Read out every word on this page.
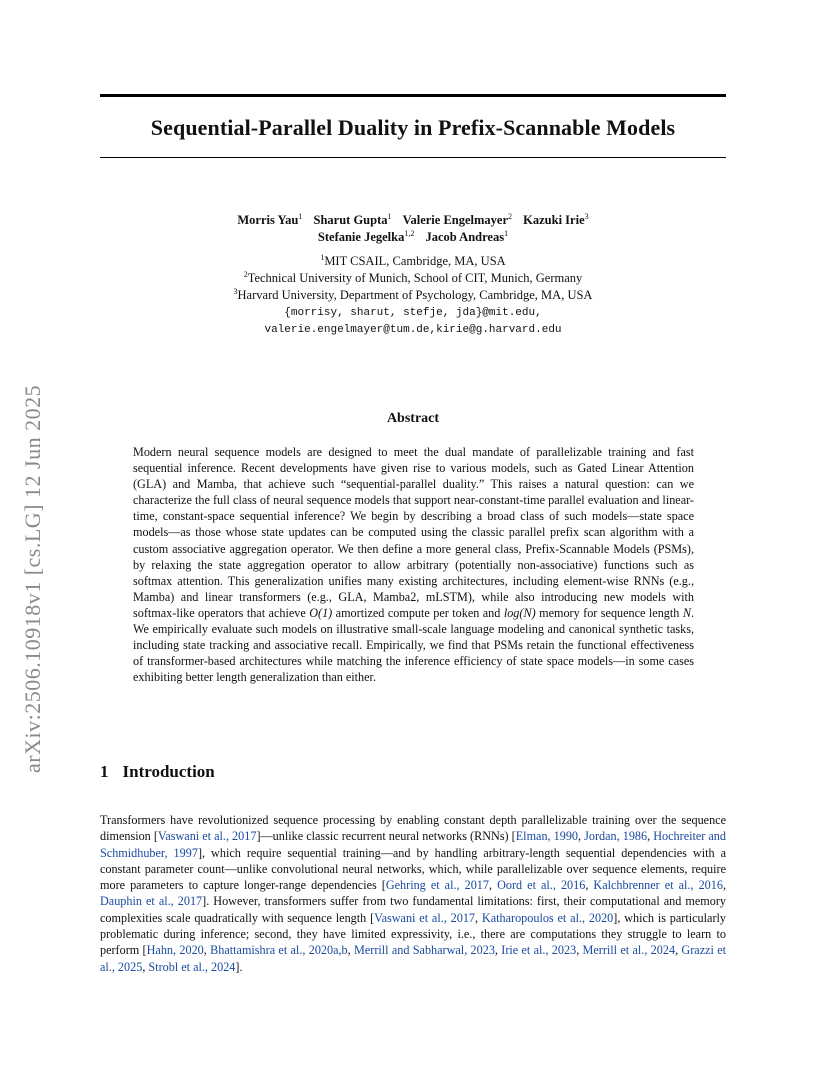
arXiv:2506.10918v1 [cs.LG] 12 Jun 2025
Sequential-Parallel Duality in Prefix-Scannable Models
Morris Yau$^1$ Sharut Gupta$^1$ Valerie Engelmayer$^2$ Kazuki Irie$^3$
Stefanie Jegelka$^{1,2}$ Jacob Andreas$^1$
$^1$MIT CSAIL, Cambridge, MA, USA
$^2$Technical University of Munich, School of CIT, Munich, Germany
$^3$Harvard University, Department of Psychology, Cambridge, MA, USA
{morrisy, sharut, stefje, jda}@mit.edu,
valerie.engelmayer@tum.de,kirie@g.harvard.edu
Abstract

Modern neural sequence models are designed to meet the dual mandate of parallelizable training and fast sequential inference. Recent developments have given rise to various models, such as Gated Linear Attention (GLA) and Mamba, that achieve such “sequential-parallel duality.” This raises a natural question: can we characterize the full class of neural sequence models that support near-constant-time parallel evaluation and linear-time, constant-space sequential inference? We begin by describing a broad class of such models—state space models—as those whose state updates can be computed using the classic parallel prefix scan algorithm with a custom associative aggregation operator. We then define a more general class, Prefix-Scannable Models (PSMs), by relaxing the state aggregation operator to allow arbitrary (potentially non-associative) functions such as softmax attention. This generalization unifies many existing architectures, including element-wise RNNs (e.g., Mamba) and linear transformers (e.g., GLA, Mamba2, mLSTM), while also introducing new models with softmax-like operators that achieve O(1) amortized compute per token and log(N) memory for sequence length N. We empirically evaluate such models on illustrative small-scale language modeling and canonical synthetic tasks, including state tracking and associative recall. Empirically, we find that PSMs retain the functional effectiveness of transformer-based architectures while matching the inference efficiency of state space models—in some cases exhibiting better length generalization than either.

1 Introduction

Transformers have revolutionized sequence processing by enabling constant depth parallelizable training over the sequence dimension [Vaswani et al., 2017]—unlike classic recurrent neural networks (RNNs) [Elman, 1990, Jordan, 1986, Hochreiter and Schmidhuber, 1997], which require sequential training—and by handling arbitrary-length sequential dependencies with a constant parameter count—unlike convolutional neural networks, which, while parallelizable over sequence elements, require more parameters to capture longer-range dependencies [Gehring et al., 2017, Oord et al., 2016, Kalchbrenner et al., 2016, Dauphin et al., 2017]. However, transformers suffer from two fundamental limitations: first, their computational and memory complexities scale quadratically with sequence length [Vaswani et al., 2017, Katharopoulos et al., 2020], which is particularly problematic during inference; second, they have limited expressivity, i.e., there are computations they struggle to learn to perform [Hahn, 2020, Bhattamishra et al., 2020a,b, Merrill and Sabharwal, 2023, Irie et al., 2023, Merrill et al., 2024, Grazzi et al., 2025, Strobl et al., 2024].
